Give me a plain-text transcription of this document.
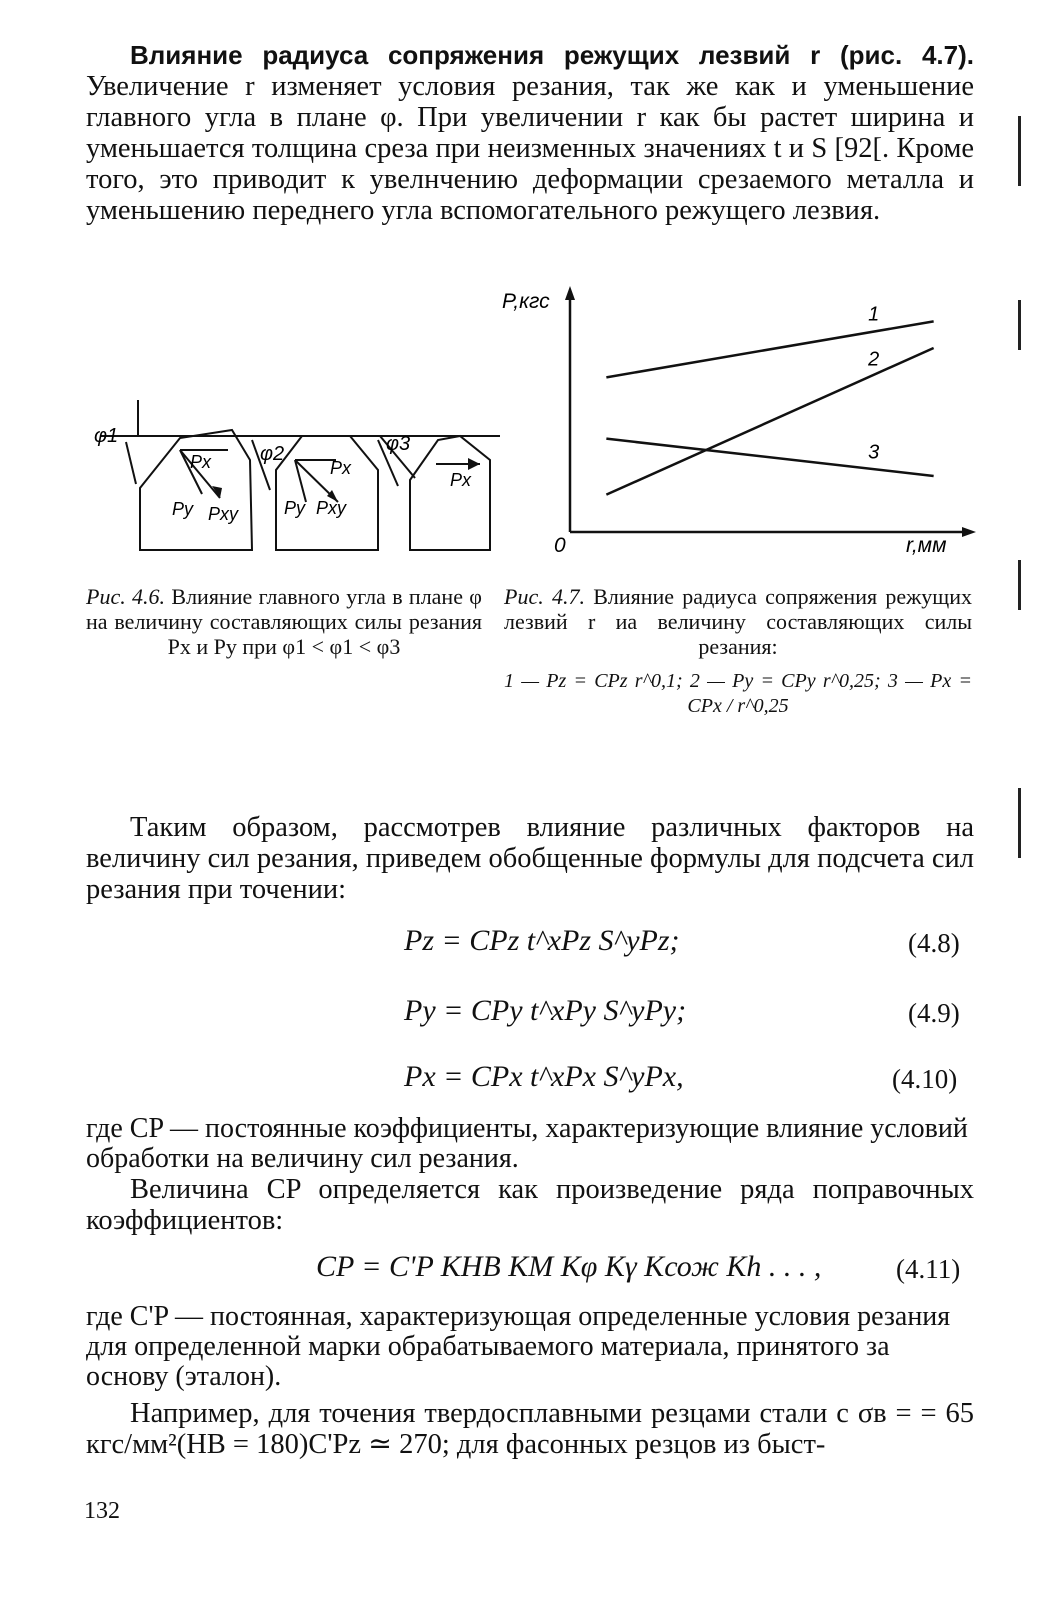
Влияние радиуса сопряжения режущих лезвий r (рис. 4.7). Увеличение r изменяет условия резания, так же как и уменьшение главного угла в плане φ. При увеличении r как бы растет ширина и уменьшается толщина среза при неизменных значениях t и S [92[. Кроме того, это приводит к увелнчению деформации срезаемого металла и уменьшению переднего угла вспомогательного режущего лезвия.
φ1
Px
Py Pxy
φ2
Px
Py Pxy
φ3
Px
1
2
3
P,кгс
r,мм
0
Рис. 4.6. Влияние главного угла в плане φ на величину составляющих силы резания Px и Py при φ1 < φ1 < φ3
Рис. 4.7. Влияние радиуса сопряжения режущих лезвий r иа величину составляющих силы резания:
1 — Pz = CPz r^0,1; 2 — Py = CPy r^0,25; 3 — Px = CPx / r^0,25
Таким образом, рассмотрев влияние различных факторов на величину сил резания, приведем обобщенные формулы для подсчета сил резания при точении:
Pz = CPz t^xPz S^yPz;	(4.8)
Py = CPy t^xPy S^yPy;	(4.9)
Px = CPx t^xPx S^yPx,	(4.10)
где CP — постоянные коэффициенты, характеризующие влияние условий обработки на величину сил резания.
Величина CP определяется как произведение ряда поправочных коэффициентов:
CP = C'P KHB KM Kφ Kγ Kсож Kh . . . ,	(4.11)
где C'P — постоянная, характеризующая определенные условия резания для определенной марки обрабатываемого материала, принятого за основу (эталон).
Например, для точения твердосплавными резцами стали с σв = = 65 кгс/мм²(НВ = 180)C'Pz ≃ 270; для фасонных резцов из быст-
132
